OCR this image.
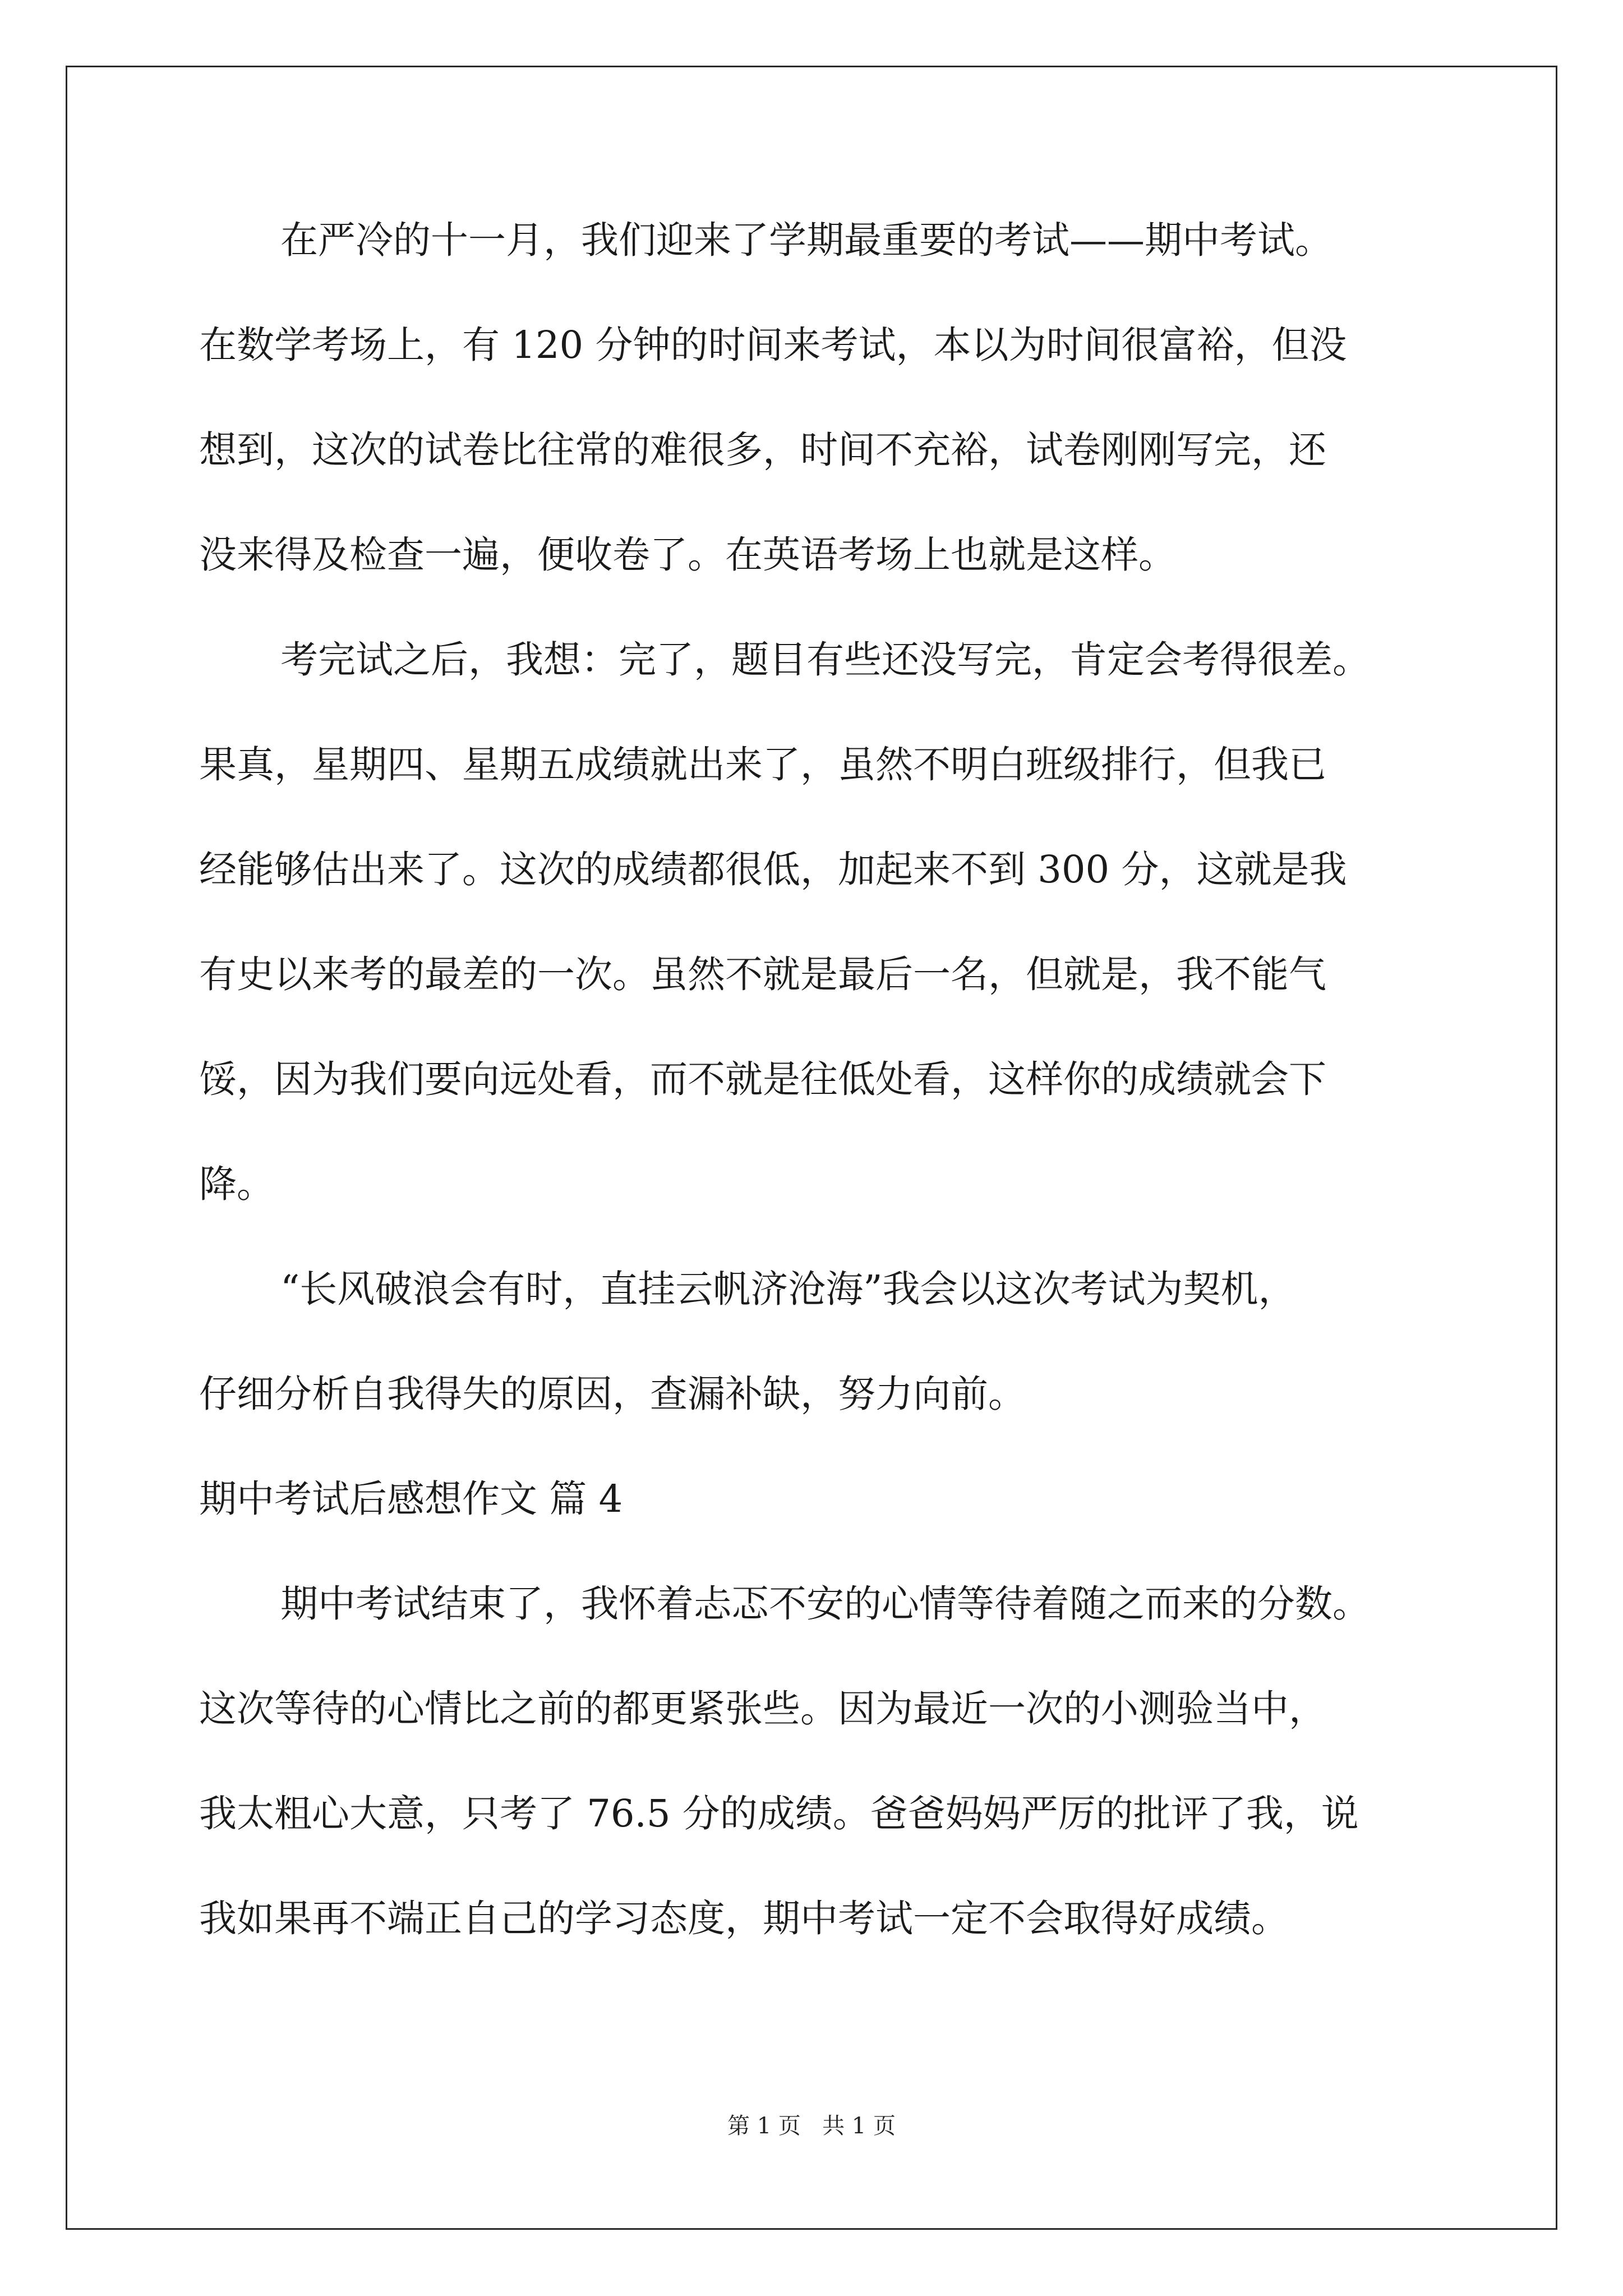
在严冷的十一月，我们迎来了学期最重要的考试——期中考试。
在数学考场上，有 120 分钟的时间来考试，本以为时间很富裕，但没
想到，这次的试卷比往常的难很多，时间不充裕，试卷刚刚写完，还
没来得及检查一遍，便收卷了。在英语考场上也就是这样。
考完试之后，我想：完了，题目有些还没写完，肯定会考得很差。
果真，星期四、星期五成绩就出来了，虽然不明白班级排行，但我已
经能够估出来了。这次的成绩都很低，加起来不到 300 分，这就是我
有史以来考的最差的一次。虽然不就是最后一名，但就是，我不能气
馁，因为我们要向远处看，而不就是往低处看，这样你的成绩就会下
降。
“长风破浪会有时，直挂云帆济沧海”我会以这次考试为契机，
仔细分析自我得失的原因，查漏补缺，努力向前。
期中考试后感想作文 篇 4
期中考试结束了，我怀着忐忑不安的心情等待着随之而来的分数。
这次等待的心情比之前的都更紧张些。因为最近一次的小测验当中，
我太粗心大意，只考了 76.5 分的成绩。爸爸妈妈严厉的批评了我，说
我如果再不端正自己的学习态度，期中考试一定不会取得好成绩。
第 1 页   共 1 页
